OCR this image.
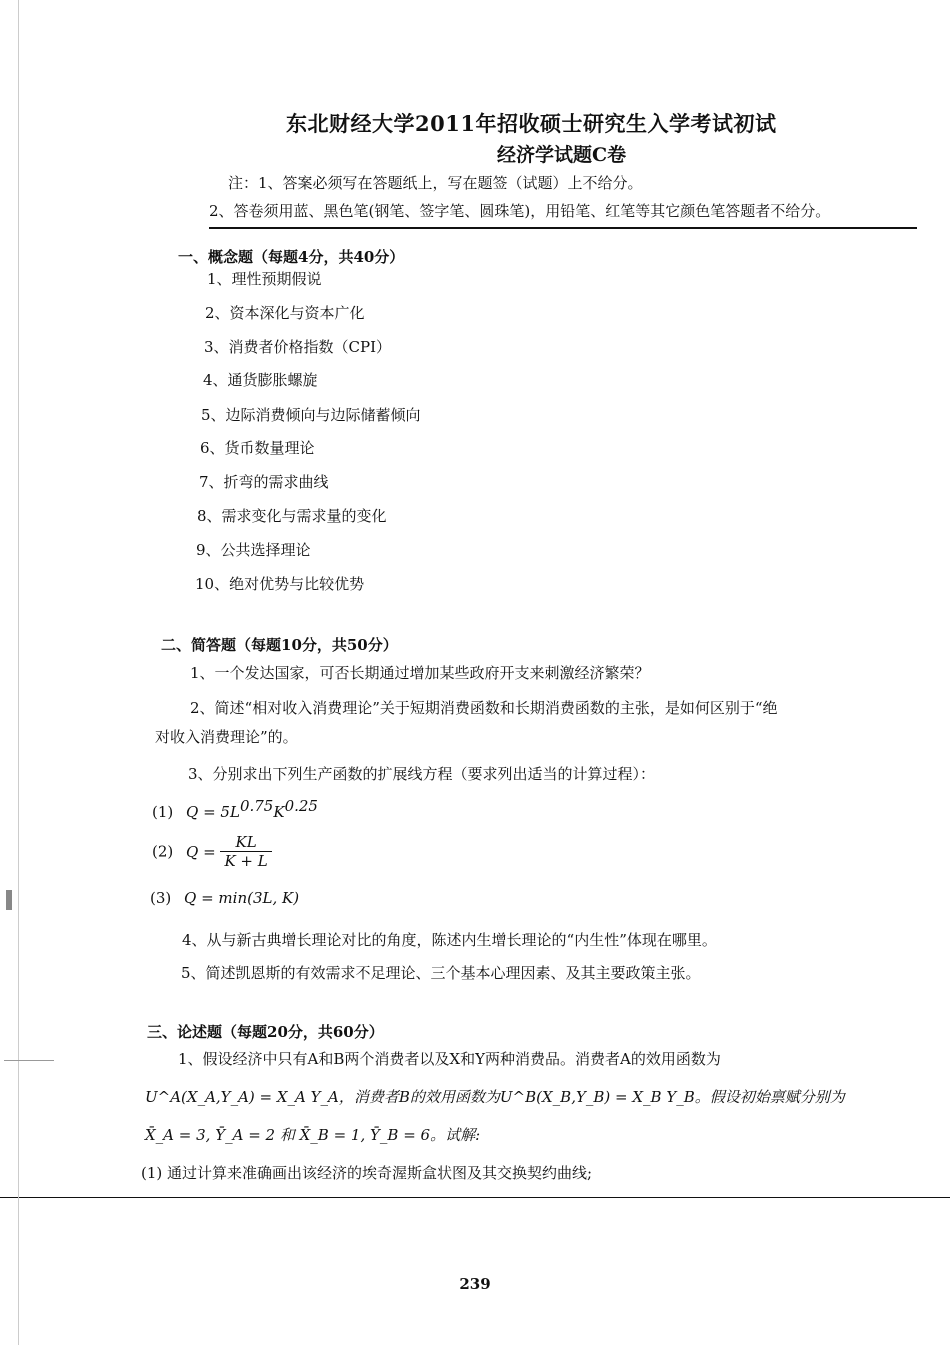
东北财经大学2011年招收硕士研究生入学考试初试
经济学试题C卷
注：1、答案必须写在答题纸上，写在题签（试题）上不给分。
2、答卷须用蓝、黑色笔(钢笔、签字笔、圆珠笔)，用铅笔、红笔等其它颜色笔答题者不给分。
一、概念题（每题4分，共40分）
1、理性预期假说
2、资本深化与资本广化
3、消费者价格指数（CPI）
4、通货膨胀螺旋
5、边际消费倾向与边际储蓄倾向
6、货币数量理论
7、折弯的需求曲线
8、需求变化与需求量的变化
9、公共选择理论
10、绝对优势与比较优势
二、简答题（每题10分，共50分）
1、一个发达国家，可否长期通过增加某些政府开支来刺激经济繁荣？
2、简述“相对收入消费理论”关于短期消费函数和长期消费函数的主张，是如何区别于“绝
对收入消费理论”的。
3、分别求出下列生产函数的扩展线方程（要求列出适当的计算过程）：
(1) $Q = 5L^{0.75}K^{0.25}$
(2) $Q = \frac{KL}{K + L}$
(3) Q = min(3L, K)
4、从与新古典增长理论对比的角度，陈述内生增长理论的“内生性”体现在哪里。
5、简述凯恩斯的有效需求不足理论、三个基本心理因素、及其主要政策主张。
三、论述题（每题20分，共60分）
1、假设经济中只有A和B两个消费者以及X和Y两种消费品。消费者A的效用函数为
U^A(X_A,Y_A) = X_A Y_A，消费者B的效用函数为U^B(X_B,Y_B) = X_B Y_B。假设初始禀赋分别为
X̄_A = 3, Ȳ_A = 2 和 X̄_B = 1, Ȳ_B = 6。试解:
(1) 通过计算来准确画出该经济的埃奇渥斯盒状图及其交换契约曲线;
239
